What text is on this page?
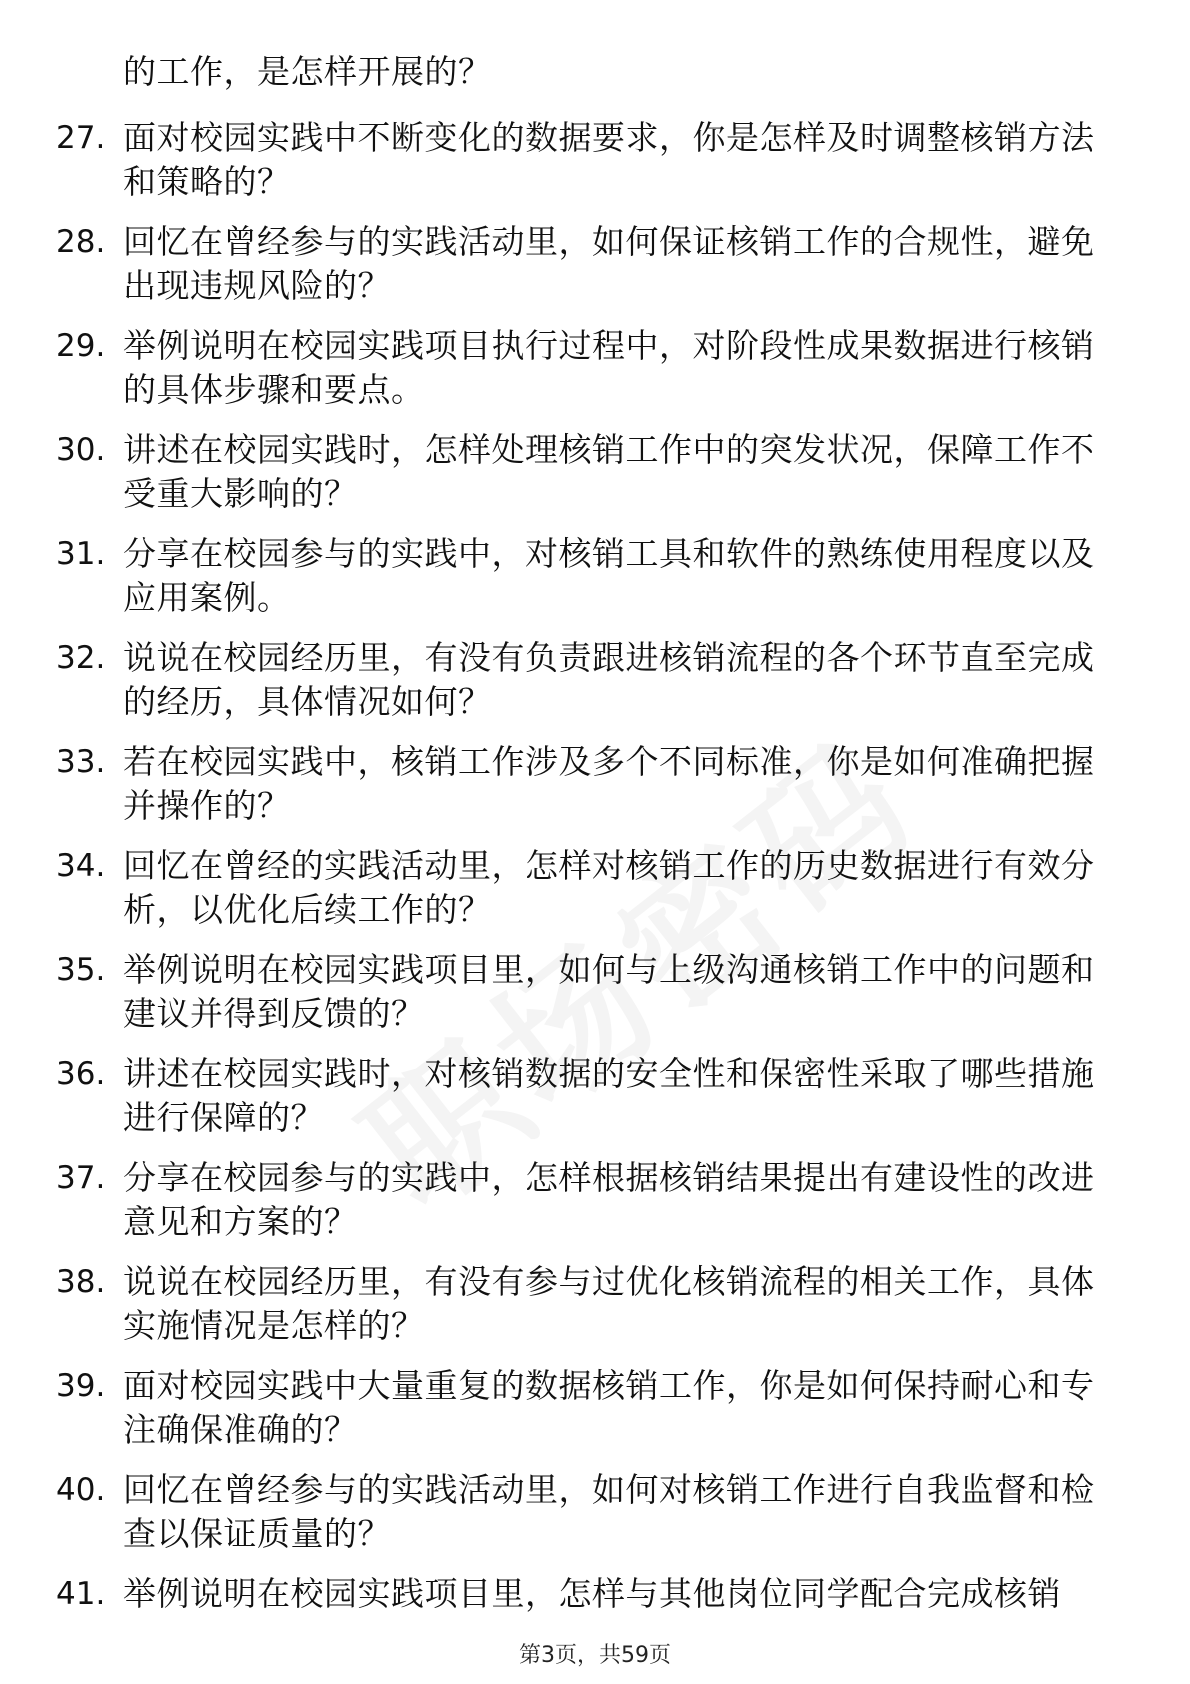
的工作，是怎样开展的？
27. 面对校园实践中不断变化的数据要求，你是怎样及时调整核销方法和策略的？
28. 回忆在曾经参与的实践活动里，如何保证核销工作的合规性，避免出现违规风险的？
29. 举例说明在校园实践项目执行过程中，对阶段性成果数据进行核销的具体步骤和要点。
30. 讲述在校园实践时，怎样处理核销工作中的突发状况，保障工作不受重大影响的？
31. 分享在校园参与的实践中，对核销工具和软件的熟练使用程度以及应用案例。
32. 说说在校园经历里，有没有负责跟进核销流程的各个环节直至完成的经历，具体情况如何？
33. 若在校园实践中，核销工作涉及多个不同标准，你是如何准确把握并操作的？
34. 回忆在曾经的实践活动里，怎样对核销工作的历史数据进行有效分析，以优化后续工作的？
35. 举例说明在校园实践项目里，如何与上级沟通核销工作中的问题和建议并得到反馈的？
36. 讲述在校园实践时，对核销数据的安全性和保密性采取了哪些措施进行保障的？
37. 分享在校园参与的实践中，怎样根据核销结果提出有建设性的改进意见和方案的？
38. 说说在校园经历里，有没有参与过优化核销流程的相关工作，具体实施情况是怎样的？
39. 面对校园实践中大量重复的数据核销工作，你是如何保持耐心和专注确保准确的？
40. 回忆在曾经参与的实践活动里，如何对核销工作进行自我监督和检查以保证质量的？
41. 举例说明在校园实践项目里，怎样与其他岗位同学配合完成核销
第3页，共59页
